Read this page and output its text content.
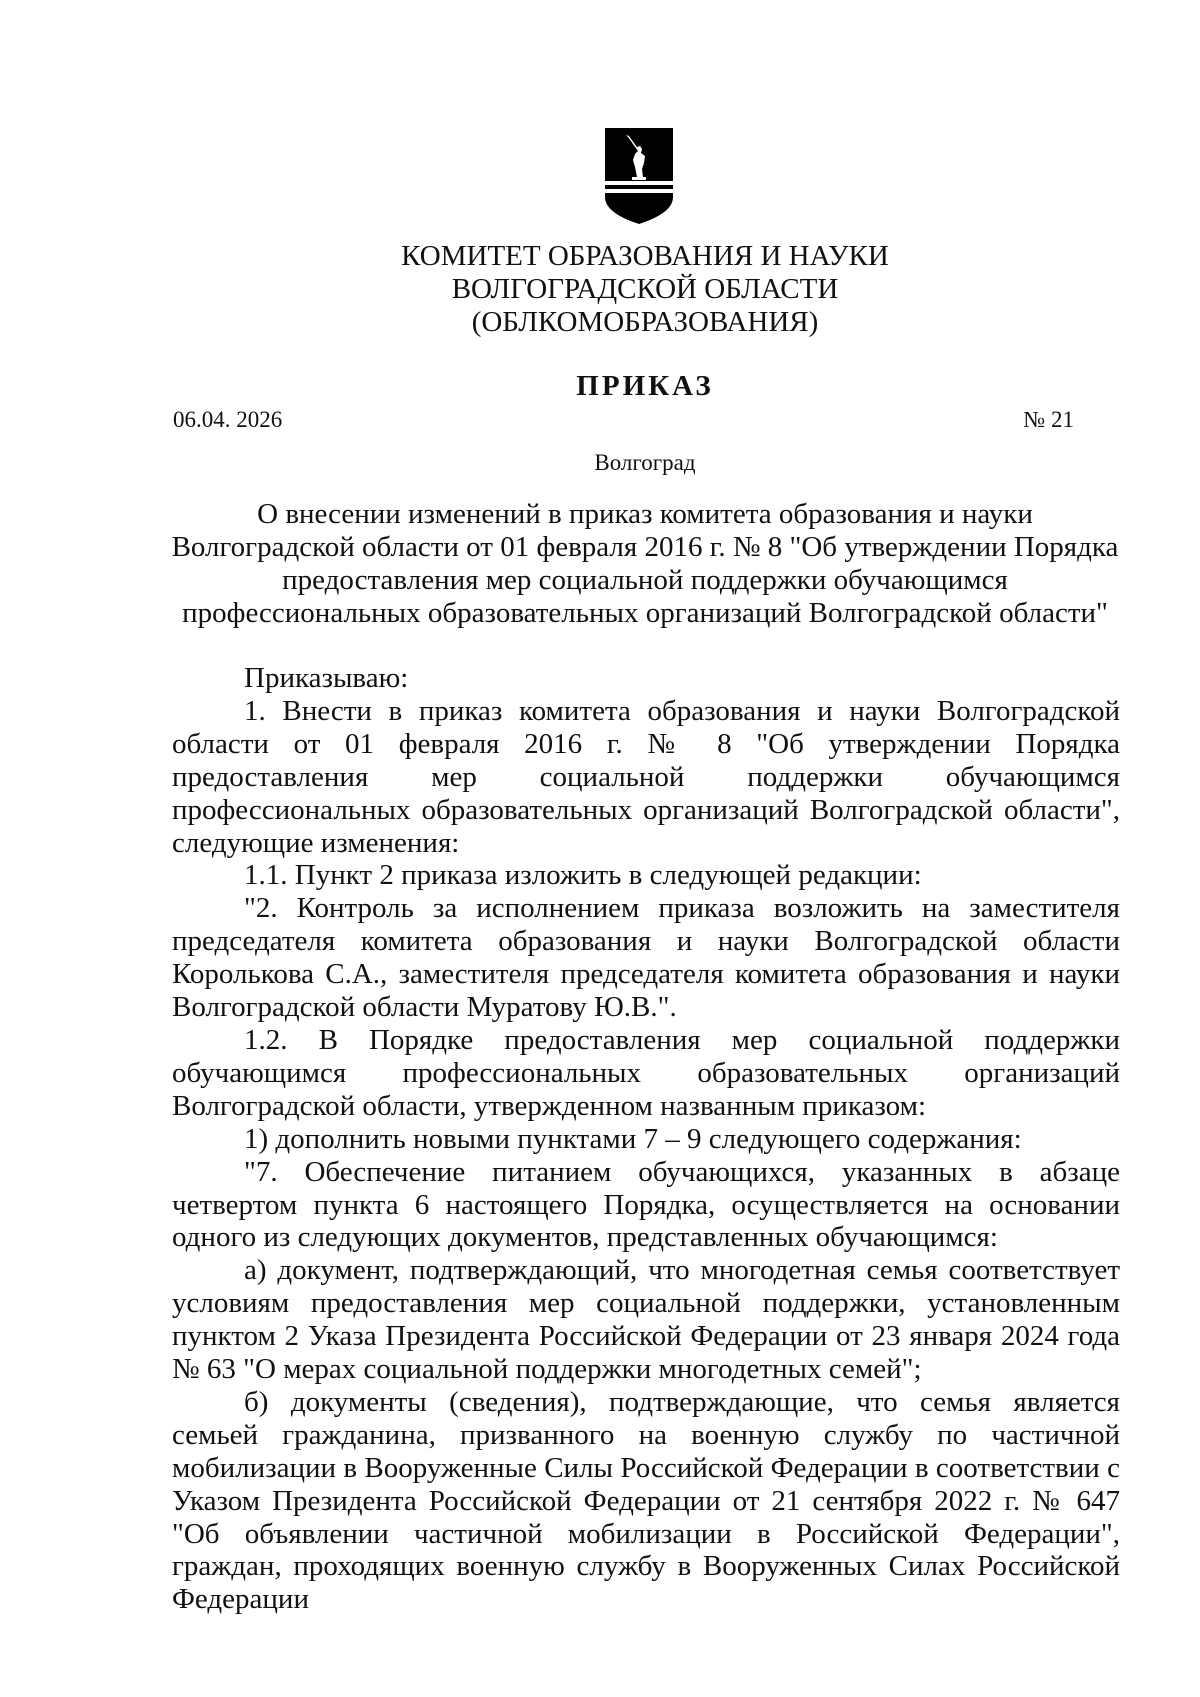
КОМИТЕТ ОБРАЗОВАНИЯ И НАУКИ
ВОЛГОГРАДСКОЙ ОБЛАСТИ
(ОБЛКОМОБРАЗОВАНИЯ)
ПРИКАЗ
06.04. 2026	№ 21
Волгоград
О внесении изменений в приказ комитета образования и науки
Волгоградской области от 01 февраля 2016 г. № 8 "Об утверждении Порядка
предоставления мер социальной поддержки обучающимся
профессиональных образовательных организаций Волгоградской области"

Приказываю:

1. Внести в приказ комитета образования и науки Волгоградской области от 01 февраля 2016 г. № 8 "Об утверждении Порядка предоставления мер социальной поддержки обучающимся профессиональных образовательных организаций Волгоградской области", следующие изменения:

1.1. Пункт 2 приказа изложить в следующей редакции:

"2. Контроль за исполнением приказа возложить на заместителя председателя комитета образования и науки Волгоградской области Королькова С.А., заместителя председателя комитета образования и науки Волгоградской области Муратову Ю.В.".

1.2. В Порядке предоставления мер социальной поддержки обучающимся профессиональных образовательных организаций Волгоградской области, утвержденном названным приказом:

1) дополнить новыми пунктами 7 – 9 следующего содержания:

"7. Обеспечение питанием обучающихся, указанных в абзаце четвертом пункта 6 настоящего Порядка, осуществляется на основании одного из следующих документов, представленных обучающимся:

а) документ, подтверждающий, что многодетная семья соответствует условиям предоставления мер социальной поддержки, установленным пунктом 2 Указа Президента Российской Федерации от 23 января 2024 года № 63 "О мерах социальной поддержки многодетных семей";

б) документы (сведения), подтверждающие, что семья является семьей гражданина, призванного на военную службу по частичной мобилизации в Вооруженные Силы Российской Федерации в соответствии с Указом Президента Российской Федерации от 21 сентября 2022 г. № 647 "Об объявлении частичной мобилизации в Российской Федерации", граждан, проходящих военную службу в Вооруженных Силах Российской Федерации
